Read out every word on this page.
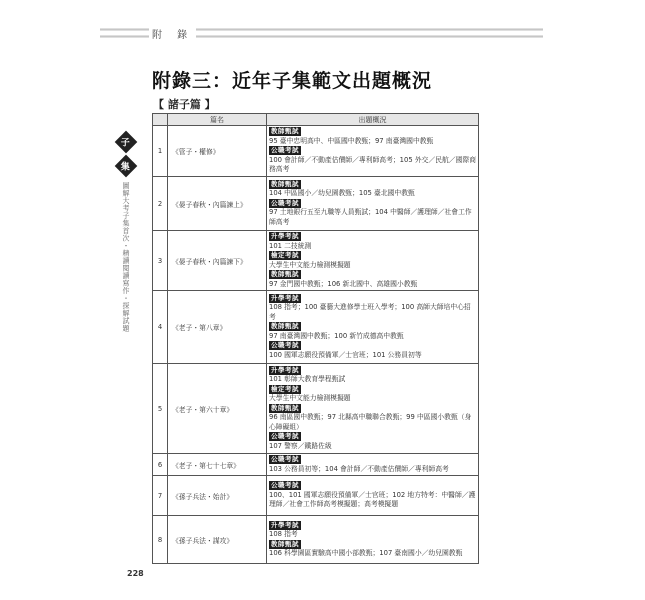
附 錄
附錄三：近年子集範文出題概況
【 諸子篇 】
子
集
圖解大考子集首次・精讀閱讀寫作・探解試題
	篇名	出題概況
1	《管子・權修》	教師甄試
95 臺中忠明高中、中區國中教甄；97 南臺灣國中教甄
公職考試
100 會計師／不動產估價師／專利師高考；105 外交／民航／國際商務高考

2	《晏子春秋・內篇諫上》	教師甄試
104 中區國小／幼兒園教甄；105 臺北國中教甄
公職考試
97 土地銀行五至九職等人員甄試；104 中醫師／護理師／社會工作師高考

3	《晏子春秋・內篇諫下》	升學考試
101 二技統測
檢定考試
大學生中文能力檢測模擬題
教師甄試
97 金門國中教甄；106 新北國中、高雄國小教甄

4	《老子・第八章》	升學考試
108 指考；100 臺藝大進修學士班入學考；100 高師大師培中心招考
教師甄試
97 南臺灣國中教甄；100 新竹成德高中教甄
公職考試
100 國軍志願役預備軍／士官班；101 公務員初等

5	《老子・第六十章》	升學考試
101 彰師大教育學程甄試
檢定考試
大學生中文能力檢測模擬題
教師甄試
96 南區國中教甄；97 北縣高中職聯合教甄；99 中區國小教甄（身心障礙組）
公職考試
107 警察／鐵路佐級

6	《老子・第七十七章》	公職考試
103 公務員初等；104 會計師／不動產估價師／專利師高考

7	《孫子兵法・始計》	公職考試
100、101 國軍志願役預備軍／士官班；102 地方特考：中醫師／護理師／社會工作師高考模擬題；高考模擬題

8	《孫子兵法・謀攻》	升學考試
108 指考
教師甄試
106 科學園區實驗高中國小部教甄；107 臺南國小／幼兒園教甄
228
